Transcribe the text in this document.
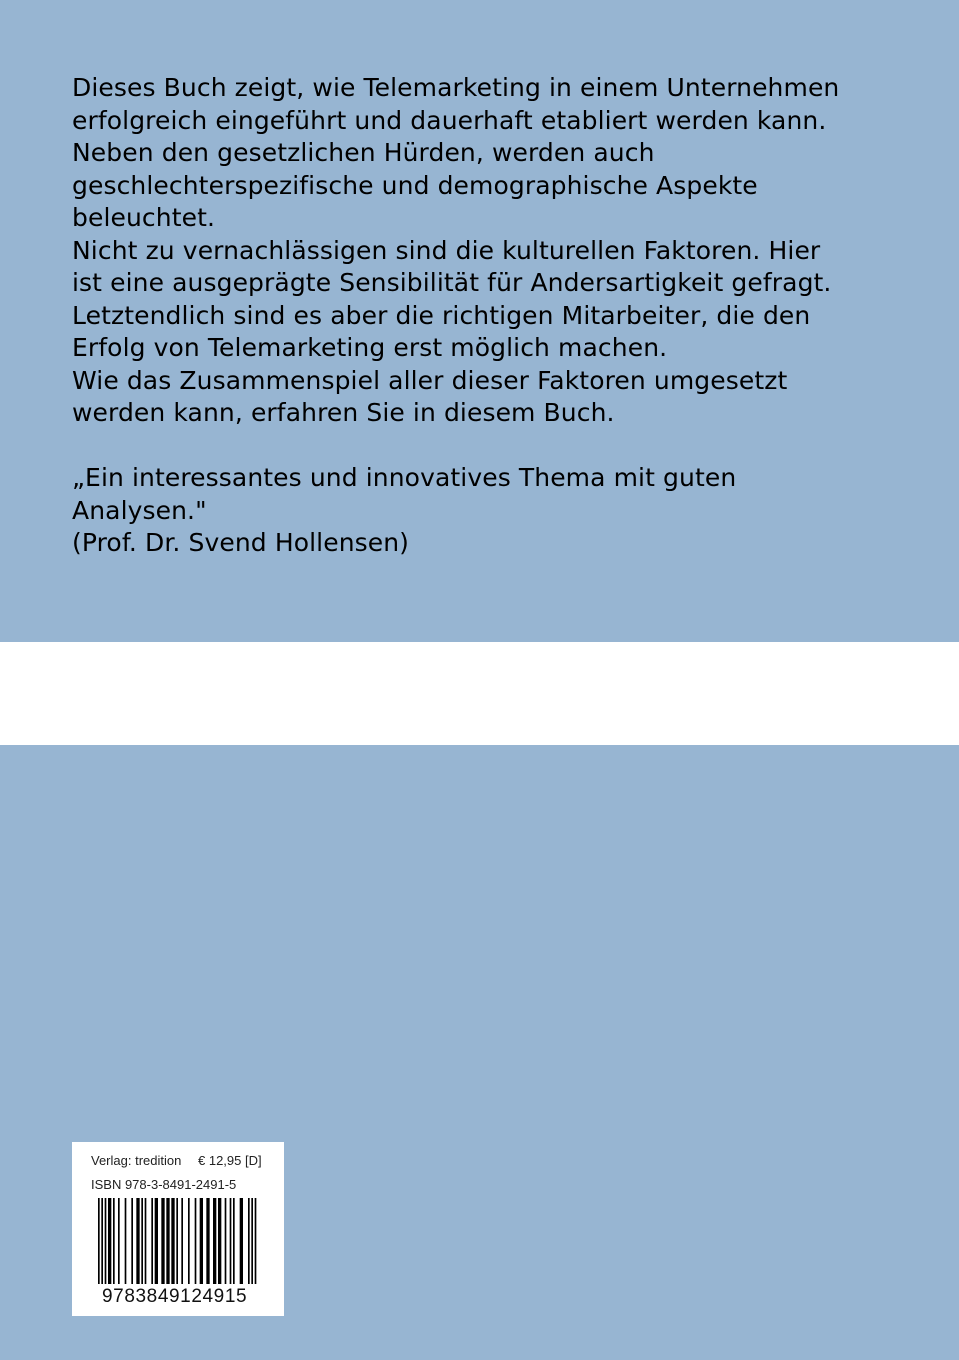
Dieses Buch zeigt, wie Telemarketing in einem Unternehmen
erfolgreich eingeführt und dauerhaft etabliert werden kann.
Neben den gesetzlichen Hürden, werden auch
geschlechterspezifische und demographische Aspekte
beleuchtet.
Nicht zu vernachlässigen sind die kulturellen Faktoren. Hier
ist eine ausgeprägte Sensibilität für Andersartigkeit gefragt.
Letztendlich sind es aber die richtigen Mitarbeiter, die den
Erfolg von Telemarketing erst möglich machen.
Wie das Zusammenspiel aller dieser Faktoren umgesetzt
werden kann, erfahren Sie in diesem Buch.
„Ein interessantes und innovatives Thema mit guten
Analysen."
(Prof. Dr. Svend Hollensen)
Verlag: tredition € 12,95 [D]
ISBN 978-3-8491-2491-5
9783849124915
